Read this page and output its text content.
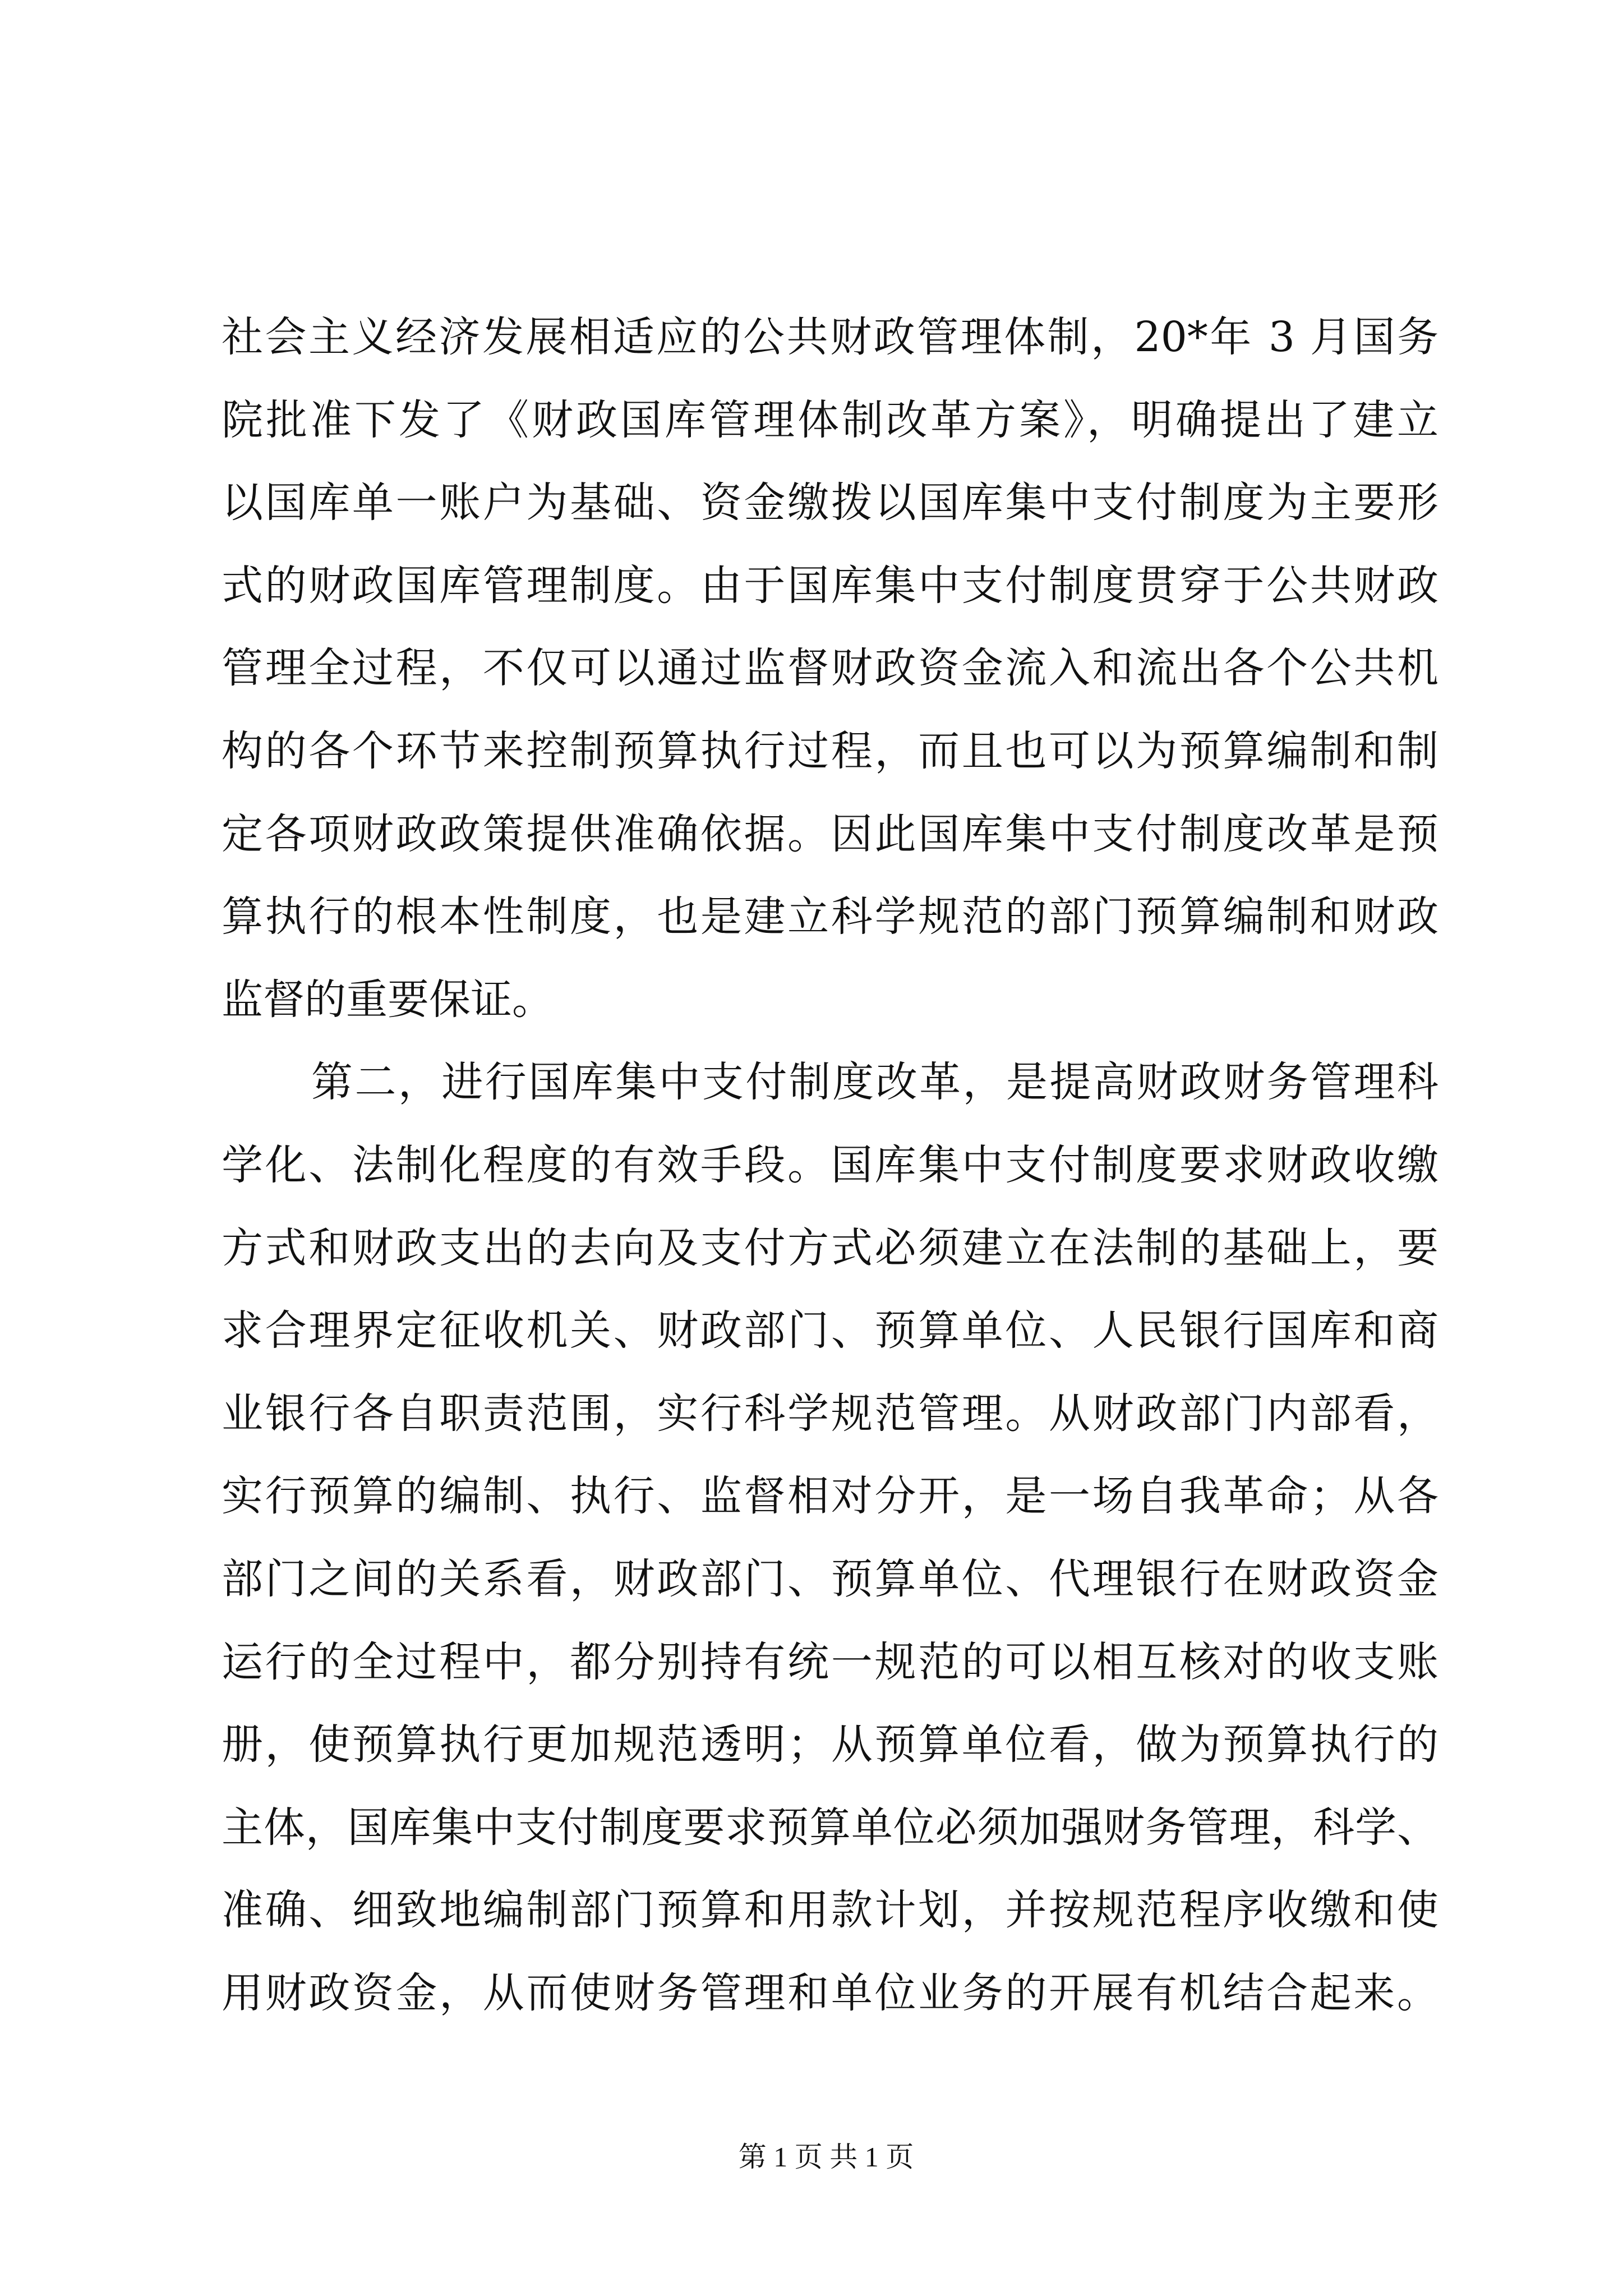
社会主义经济发展相适应的公共财政管理体制，20*年 3 月国务
院批准下发了《财政国库管理体制改革方案》，明确提出了建立
以国库单一账户为基础、资金缴拨以国库集中支付制度为主要形
式的财政国库管理制度。由于国库集中支付制度贯穿于公共财政
管理全过程，不仅可以通过监督财政资金流入和流出各个公共机
构的各个环节来控制预算执行过程，而且也可以为预算编制和制
定各项财政政策提供准确依据。因此国库集中支付制度改革是预
算执行的根本性制度，也是建立科学规范的部门预算编制和财政
监督的重要保证。
第二，进行国库集中支付制度改革，是提高财政财务管理科
学化、法制化程度的有效手段。国库集中支付制度要求财政收缴
方式和财政支出的去向及支付方式必须建立在法制的基础上，要
求合理界定征收机关、财政部门、预算单位、人民银行国库和商
业银行各自职责范围，实行科学规范管理。从财政部门内部看，
实行预算的编制、执行、监督相对分开，是一场自我革命；从各
部门之间的关系看，财政部门、预算单位、代理银行在财政资金
运行的全过程中，都分别持有统一规范的可以相互核对的收支账
册，使预算执行更加规范透明；从预算单位看，做为预算执行的
主体，国库集中支付制度要求预算单位必须加强财务管理，科学、
准确、细致地编制部门预算和用款计划，并按规范程序收缴和使
用财政资金，从而使财务管理和单位业务的开展有机结合起来。
第 1 页 共 1 页
